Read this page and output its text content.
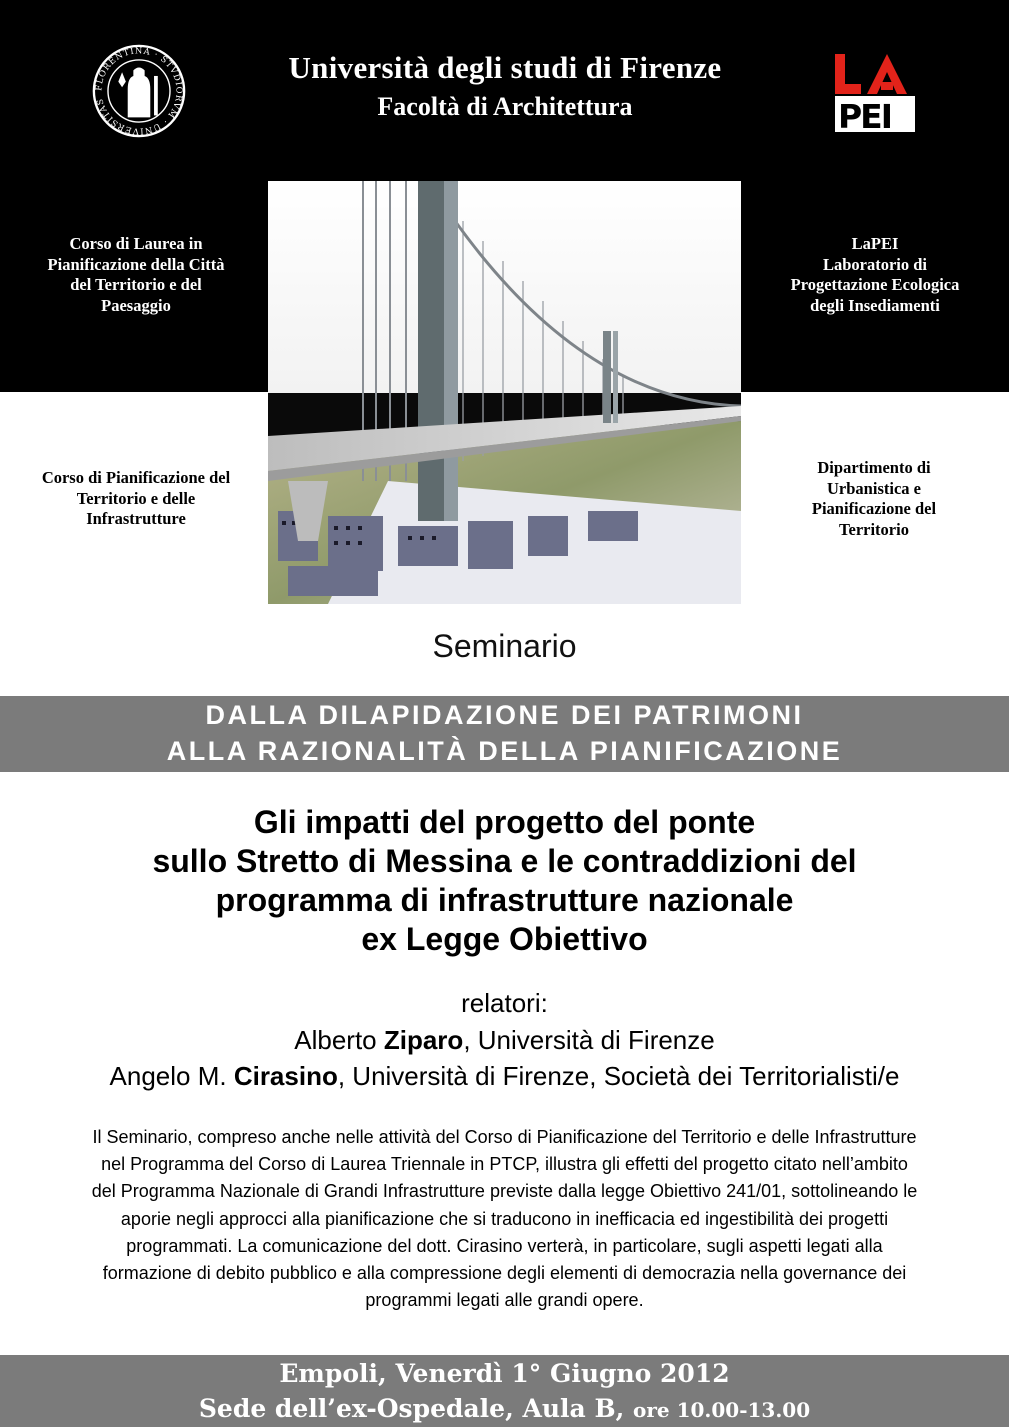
FLORENTINA · STVDIORVM · UNIVERSITAS	PEI
Università degli studi di Firenze
Facoltà di Architettura
Corso di Laurea in
Pianificazione della Città
del Territorio e del
Paesaggio
LaPEI
Laboratorio di
Progettazione Ecologica
degli Insediamenti
Corso di Pianificazione del
Territorio e delle
Infrastrutture
Dipartimento di
Urbanistica e
Pianificazione del
Territorio
Seminario
DALLA DILAPIDAZIONE DEI PATRIMONI
ALLA RAZIONALITÀ DELLA PIANIFICAZIONE
Gli impatti del progetto del ponte
sullo Stretto di Messina e le contraddizioni del
programma di infrastrutture nazionale
ex Legge Obiettivo
relatori:
Alberto Ziparo, Università di Firenze
Angelo M. Cirasino, Università di Firenze, Società dei Territorialisti/e
Il Seminario, compreso anche nelle attività del Corso di Pianificazione del Territorio e delle Infrastrutture
nel Programma del Corso di Laurea Triennale in PTCP, illustra gli effetti del progetto citato nell’ambito
del Programma Nazionale di Grandi Infrastrutture previste dalla legge Obiettivo 241/01, sottolineando le
aporie negli approcci alla pianificazione che si traducono in inefficacia ed ingestibilità dei progetti
programmati. La comunicazione del dott. Cirasino verterà, in particolare, sugli aspetti legati alla
formazione di debito pubblico e alla compressione degli elementi di democrazia nella governance dei
programmi legati alle grandi opere.
Empoli, Venerdì 1° Giugno 2012
Sede dell’ex-Ospedale, Aula B, ore 10.00-13.00
